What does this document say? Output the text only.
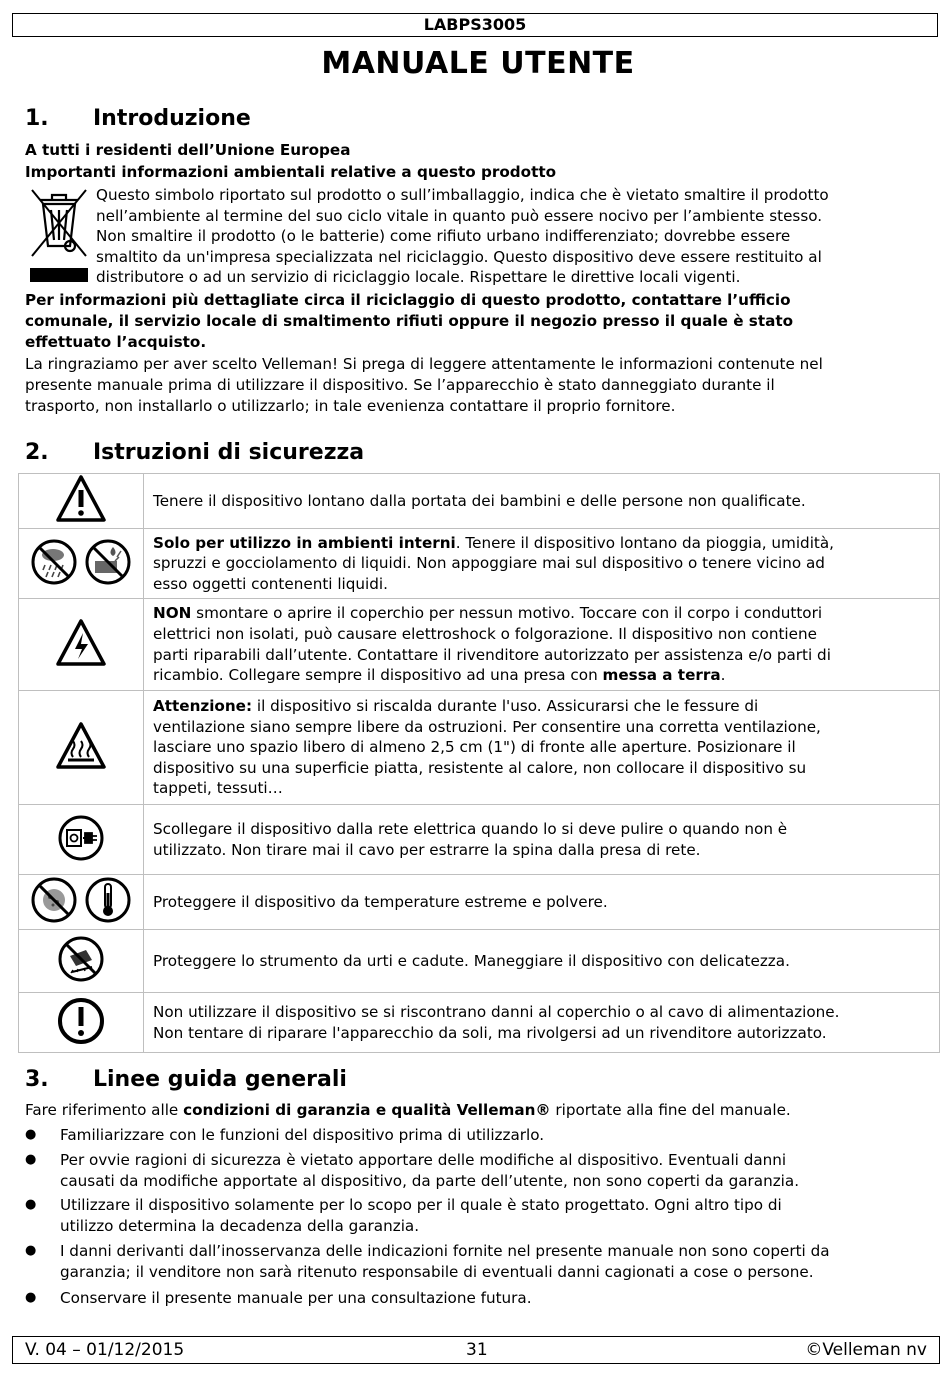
LABPS3005
MANUALE UTENTE
1. Introduzione
A tutti i residenti dell’Unione Europea
Importanti informazioni ambientali relative a questo prodotto
Questo simbolo riportato sul prodotto o sull’imballaggio, indica che è vietato smaltire il prodotto
nell’ambiente al termine del suo ciclo vitale in quanto può essere nocivo per l’ambiente stesso.
Non smaltire il prodotto (o le batterie) come rifiuto urbano indifferenziato; dovrebbe essere
smaltito da un'impresa specializzata nel riciclaggio. Questo dispositivo deve essere restituito al
distributore o ad un servizio di riciclaggio locale. Rispettare le direttive locali vigenti.
Per informazioni più dettagliate circa il riciclaggio di questo prodotto, contattare l’ufficio
comunale, il servizio locale di smaltimento rifiuti oppure il negozio presso il quale è stato
effettuato l’acquisto.
La ringraziamo per aver scelto Velleman! Si prega di leggere attentamente le informazioni contenute nel
presente manuale prima di utilizzare il dispositivo. Se l’apparecchio è stato danneggiato durante il
trasporto, non installarlo o utilizzarlo; in tale evenienza contattare il proprio fornitore.
2. Istruzioni di sicurezza

Tenere il dispositivo lontano dalla portata dei bambini e delle persone non qualificate.

Solo per utilizzo in ambienti interni. Tenere il dispositivo lontano da pioggia, umidità,
spruzzi e gocciolamento di liquidi. Non appoggiare mai sul dispositivo o tenere vicino ad
esso oggetti contenenti liquidi.

NON smontare o aprire il coperchio per nessun motivo. Toccare con il corpo i conduttori
elettrici non isolati, può causare elettroshock o folgorazione. Il dispositivo non contiene
parti riparabili dall’utente. Contattare il rivenditore autorizzato per assistenza e/o parti di
ricambio. Collegare sempre il dispositivo ad una presa con messa a terra.

Attenzione: il dispositivo si riscalda durante l'uso. Assicurarsi che le fessure di
ventilazione siano sempre libere da ostruzioni. Per consentire una corretta ventilazione,
lasciare uno spazio libero di almeno 2,5 cm (1") di fronte alle aperture. Posizionare il
dispositivo su una superficie piatta, resistente al calore, non collocare il dispositivo su
tappeti, tessuti…

Scollegare il dispositivo dalla rete elettrica quando lo si deve pulire o quando non è
utilizzato. Non tirare mai il cavo per estrarre la spina dalla presa di rete.

Proteggere il dispositivo da temperature estreme e polvere.

Proteggere lo strumento da urti e cadute. Maneggiare il dispositivo con delicatezza.

Non utilizzare il dispositivo se si riscontrano danni al coperchio o al cavo di alimentazione.
Non tentare di riparare l'apparecchio da soli, ma rivolgersi ad un rivenditore autorizzato.
3. Linee guida generali
Fare riferimento alle condizioni di garanzia e qualità Velleman® riportate alla fine del manuale.
● Familiarizzare con le funzioni del dispositivo prima di utilizzarlo.
● Per ovvie ragioni di sicurezza è vietato apportare delle modifiche al dispositivo. Eventuali danni
causati da modifiche apportate al dispositivo, da parte dell’utente, non sono coperti da garanzia.
● Utilizzare il dispositivo solamente per lo scopo per il quale è stato progettato. Ogni altro tipo di
utilizzo determina la decadenza della garanzia.
● I danni derivanti dall’inosservanza delle indicazioni fornite nel presente manuale non sono coperti da
garanzia; il venditore non sarà ritenuto responsabile di eventuali danni cagionati a cose o persone.
● Conservare il presente manuale per una consultazione futura.
V. 04 – 01/12/2015	31	©Velleman nv
